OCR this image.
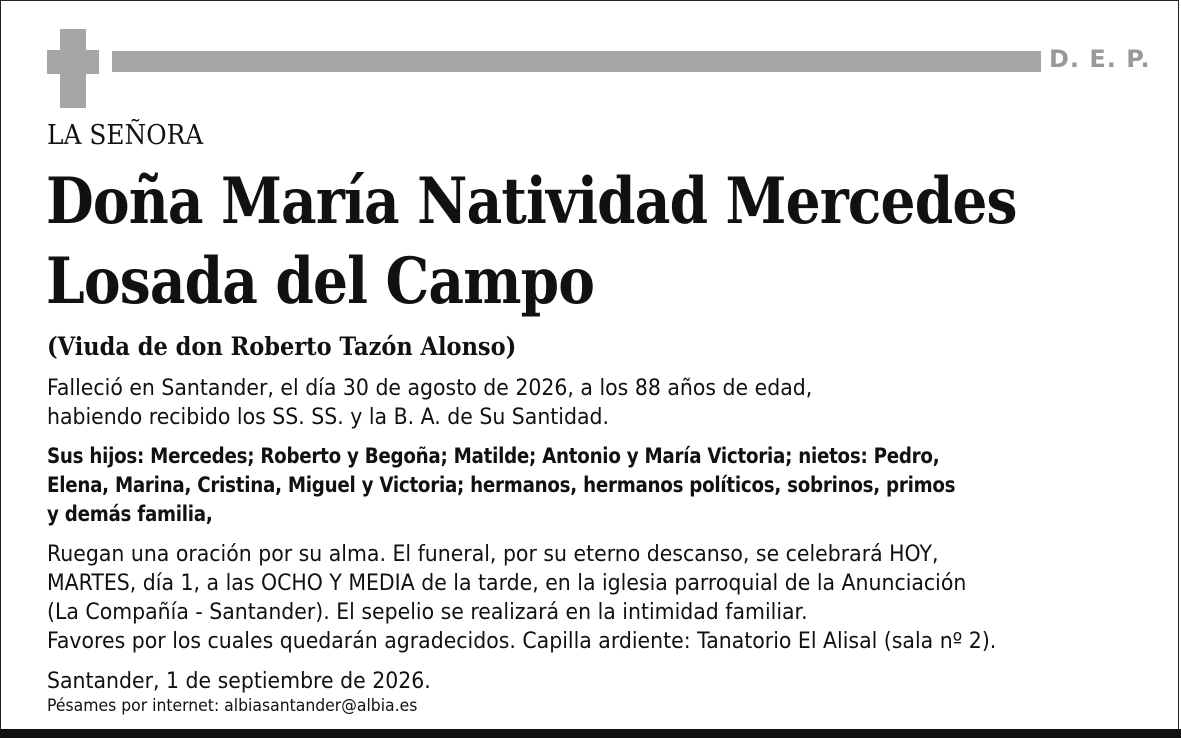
D. E. P.
LA SEÑORA
Doña María Natividad Mercedes
Losada del Campo
(Viuda de don Roberto Tazón Alonso)
Falleció en Santander, el día 30 de agosto de 2026, a los 88 años de edad,
habiendo recibido los SS. SS. y la B. A. de Su Santidad.
Sus hijos: Mercedes; Roberto y Begoña; Matilde; Antonio y María Victoria; nietos: Pedro,
Elena, Marina, Cristina, Miguel y Victoria; hermanos, hermanos políticos, sobrinos, primos
y demás familia,
Ruegan una oración por su alma. El funeral, por su eterno descanso, se celebrará HOY,
MARTES, día 1, a las OCHO Y MEDIA de la tarde, en la iglesia parroquial de la Anunciación
(La Compañía - Santander). El sepelio se realizará en la intimidad familiar.
Favores por los cuales quedarán agradecidos. Capilla ardiente: Tanatorio El Alisal (sala nº 2).
Santander, 1 de septiembre de 2026.
Pésames por internet: albiasantander@albia.es
